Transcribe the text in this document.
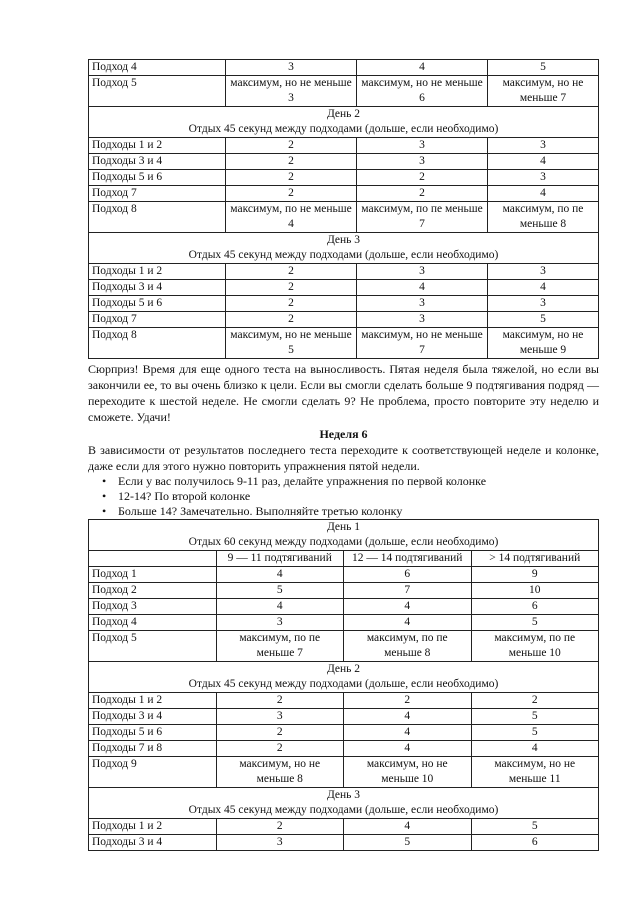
Подход 4	3	4	5
Подход 5	максимум, но не меньше 3	максимум, но не меньше 6	максимум, но не меньше 7

День 2
Отдых 45 секунд между подходами (дольше, если необходимо)			

Подходы 1 и 2	2	3	3
Подходы 3 и 4	2	3	4
Подходы 5 и 6	2	2	3
Подход 7	2	2	4
Подход 8	максимум, по не меньше 4	максимум, по пе меньше 7	максимум, по пе меньше 8

День 3
Отдых 45 секунд между подходами (дольше, если необходимо)			

Подходы 1 и 2	2	3	3
Подходы 3 и 4	2	4	4
Подходы 5 и 6	2	3	3
Подход 7	2	3	5
Подход 8	максимум, но не меньше 5	максимум, но не меньше 7	максимум, но не меньше 9

Сюрприз! Время для еще одного теста на выносливость. Пятая неделя была тяжелой, но если вы закончили ее, то вы очень близко к цели. Если вы смогли сделать больше 9 подтягивания подряд — переходите к шестой неделе. Не смогли сделать 9? Не проблема, просто повторите эту неделю и сможете. Удачи!

Неделя 6

В зависимости от результатов последнего теста переходите к соответствующей неделе и колонке, даже если для этого нужно повторить упражнения пятой недели.

• Если у вас получилось 9-11 раз, делайте упражнения по первой колонке
• 12-14? По второй колонке
• Больше 14? Замечательно. Выполняйте третью колонку
День 1
Отдых 60 секунд между подходами (дольше, если необходимо)			

	9 — 11 подтягиваний	12 — 14 подтягиваний	> 14 подтягиваний
Подход 1	4	6	9
Подход 2	5	7	10
Подход 3	4	4	6
Подход 4	3	4	5
Подход 5	максимум, по пе меньше 7	максимум, по пе меньше 8	максимум, по пе меньше 10

День 2
Отдых 45 секунд между подходами (дольше, если необходимо)			

Подходы 1 и 2	2	2	2
Подходы 3 и 4	3	4	5
Подходы 5 и 6	2	4	5
Подходы 7 и 8	2	4	4
Подход 9	максимум, но не меньше 8	максимум, но не меньше 10	максимум, но не меньше 11

День 3
Отдых 45 секунд между подходами (дольше, если необходимо)			

Подходы 1 и 2	2	4	5
Подходы 3 и 4	3	5	6
